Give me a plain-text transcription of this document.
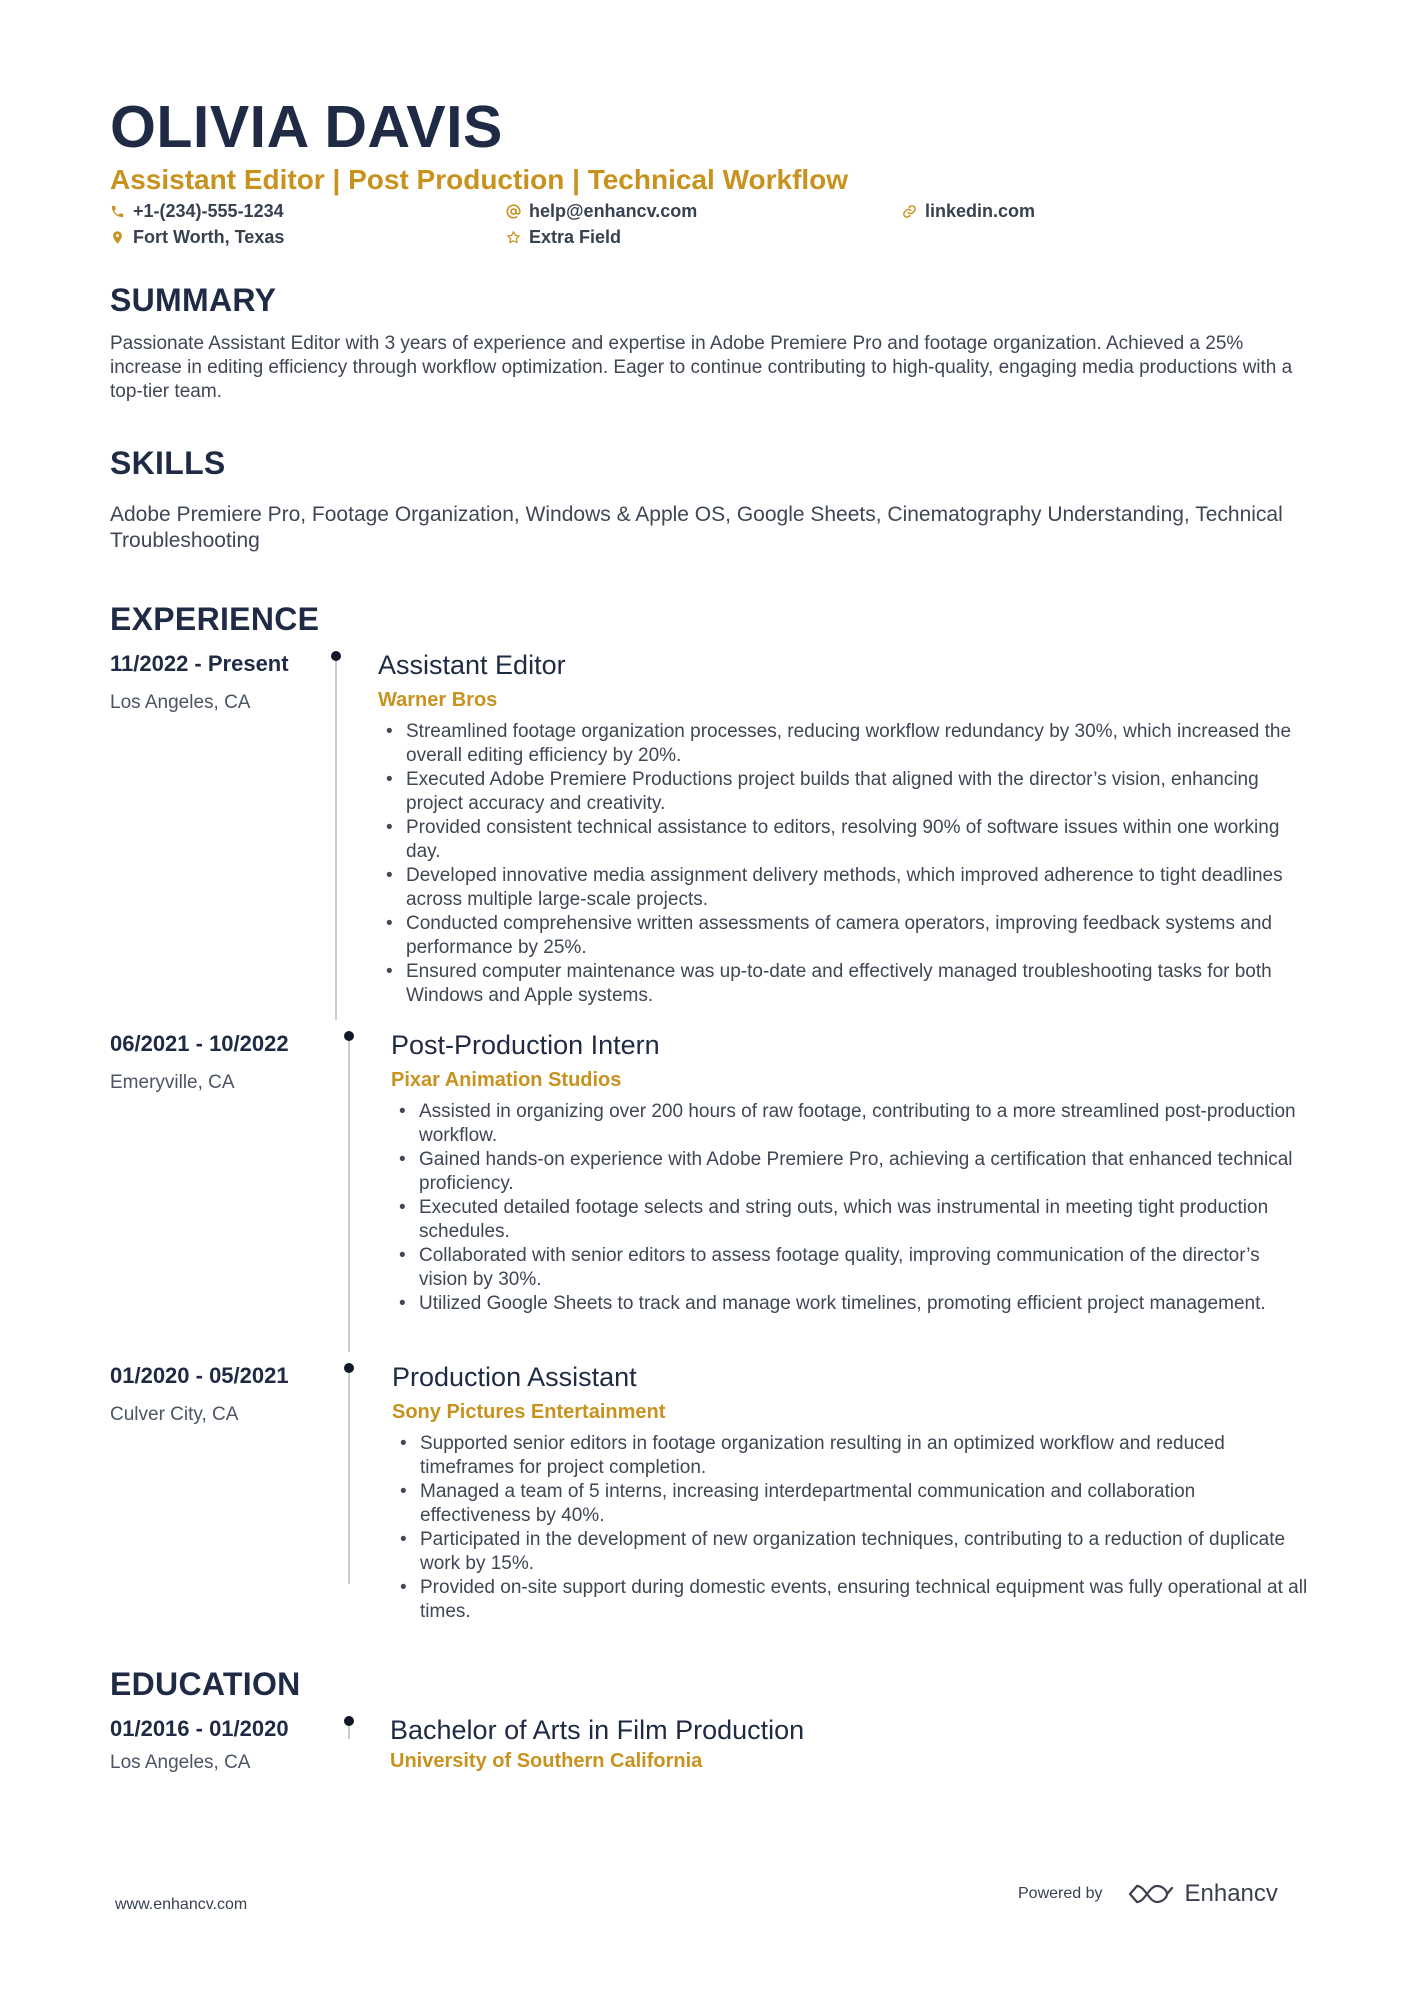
OLIVIA DAVIS
Assistant Editor | Post Production | Technical Workflow
+1-(234)-555-1234	help@enhancv.com	linkedin.com
Fort Worth, Texas	Extra Field
SUMMARY
Passionate Assistant Editor with 3 years of experience and expertise in Adobe Premiere Pro and footage organization. Achieved a 25% increase in editing efficiency through workflow optimization. Eager to continue contributing to high-quality, engaging media productions with a top-tier team.
SKILLS
Adobe Premiere Pro, Footage Organization, Windows & Apple OS, Google Sheets, Cinematography Understanding, Technical Troubleshooting
EXPERIENCE
11/2022 - Present
Los Angeles, CA
Assistant Editor
Warner Bros
• Streamlined footage organization processes, reducing workflow redundancy by 30%, which increased the overall editing efficiency by 20%.
• Executed Adobe Premiere Productions project builds that aligned with the director’s vision, enhancing project accuracy and creativity.
• Provided consistent technical assistance to editors, resolving 90% of software issues within one working day.
• Developed innovative media assignment delivery methods, which improved adherence to tight deadlines across multiple large-scale projects.
• Conducted comprehensive written assessments of camera operators, improving feedback systems and performance by 25%.
• Ensured computer maintenance was up-to-date and effectively managed troubleshooting tasks for both Windows and Apple systems.
06/2021 - 10/2022
Emeryville, CA
Post-Production Intern
Pixar Animation Studios
• Assisted in organizing over 200 hours of raw footage, contributing to a more streamlined post-production workflow.
• Gained hands-on experience with Adobe Premiere Pro, achieving a certification that enhanced technical proficiency.
• Executed detailed footage selects and string outs, which was instrumental in meeting tight production schedules.
• Collaborated with senior editors to assess footage quality, improving communication of the director’s vision by 30%.
• Utilized Google Sheets to track and manage work timelines, promoting efficient project management.
01/2020 - 05/2021
Culver City, CA
Production Assistant
Sony Pictures Entertainment
• Supported senior editors in footage organization resulting in an optimized workflow and reduced timeframes for project completion.
• Managed a team of 5 interns, increasing interdepartmental communication and collaboration effectiveness by 40%.
• Participated in the development of new organization techniques, contributing to a reduction of duplicate work by 15%.
• Provided on-site support during domestic events, ensuring technical equipment was fully operational at all times.
EDUCATION
01/2016 - 01/2020
Los Angeles, CA
Bachelor of Arts in Film Production
University of Southern California
www.enhancv.com
Powered by	Enhancv
